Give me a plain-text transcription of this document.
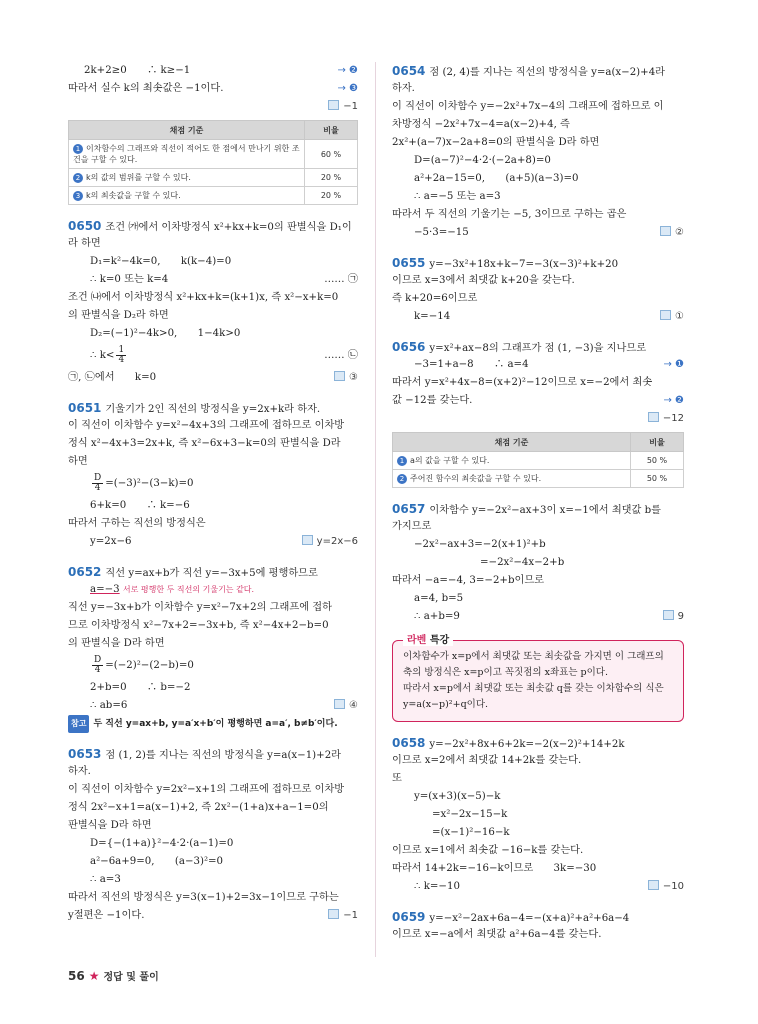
2k+2≥0　　∴ k≥−1	→ ❷
따라서 실수 k의 최솟값은 −1이다.	→ ❸
−1
채점 기준	비율
1 이차함수의 그래프와 직선이 적어도 한 점에서 만나기 위한 조건을 구할 수 있다.	60 %
2 k의 값의 범위를 구할 수 있다.	20 %
3 k의 최솟값을 구할 수 있다.	20 %
0650 조건 ㈎에서 이차방정식 x²+kx+k=0의 판별식을 D₁이
라 하면
D₁=k²−4k=0,　　k(k−4)=0
∴ k=0 또는 k=4	…… ㉠
조건 ㈏에서 이차방정식 x²+kx+k=(k+1)x, 즉 x²−x+k=0
의 판별식을 D₂라 하면
D₂=(−1)²−4k>0,　　1−4k>0
∴ $k< \frac{1}{4}$	…… ㉡
㉠, ㉡에서　　k=0	③
0651 기울기가 2인 직선의 방정식을 y=2x+k라 하자.
이 직선이 이차함수 y=x²−4x+3의 그래프에 접하므로 이차방
정식 x²−4x+3=2x+k, 즉 x²−6x+3−k=0의 판별식을 D라
하면
$\frac{D}{4} =(-3)^2-(3-k)=0$
6+k=0　　∴ k=−6
따라서 구하는 직선의 방정식은
y=2x−6	y=2x−6
0652 직선 y=ax+b가 직선 y=−3x+5에 평행하므로
a=−3 서로 평행한 두 직선의 기울기는 같다.
직선 y=−3x+b가 이차함수 y=x²−7x+2의 그래프에 접하
므로 이차방정식 x²−7x+2=−3x+b, 즉 x²−4x+2−b=0
의 판별식을 D라 하면
$\frac{D}{4} =(-2)^2-(2-b)=0$
2+b=0　　∴ b=−2
∴ ab=6	④
참고 두 직선 y=ax+b, y=a′x+b′이 평행하면 a=a′, b≠b′이다.
0653 점 (1, 2)를 지나는 직선의 방정식을 y=a(x−1)+2라
하자.
이 직선이 이차함수 y=2x²−x+1의 그래프에 접하므로 이차방
정식 2x²−x+1=a(x−1)+2, 즉 2x²−(1+a)x+a−1=0의
판별식을 D라 하면
D={−(1+a)}²−4·2·(a−1)=0
a²−6a+9=0,　　(a−3)²=0
∴ a=3
따라서 직선의 방정식은 y=3(x−1)+2=3x−1이므로 구하는
y절편은 −1이다.	−1
0654 점 (2, 4)를 지나는 직선의 방정식을 y=a(x−2)+4라
하자.
이 직선이 이차함수 y=−2x²+7x−4의 그래프에 접하므로 이
차방정식 −2x²+7x−4=a(x−2)+4, 즉
2x²+(a−7)x−2a+8=0의 판별식을 D라 하면
D=(a−7)²−4·2·(−2a+8)=0
a²+2a−15=0,　　(a+5)(a−3)=0
∴ a=−5 또는 a=3
따라서 두 직선의 기울기는 −5, 3이므로 구하는 곱은
−5·3=−15	②
0655 y=−3x²+18x+k−7=−3(x−3)²+k+20
이므로 x=3에서 최댓값 k+20을 갖는다.
즉 k+20=6이므로
k=−14	①
0656 y=x²+ax−8의 그래프가 점 (1, −3)을 지나므로
−3=1+a−8　　∴ a=4	→ ❶
따라서 y=x²+4x−8=(x+2)²−12이므로 x=−2에서 최솟
값 −12를 갖는다.	→ ❷
−12
채점 기준	비율
1 a의 값을 구할 수 있다.	50 %
2 주어진 함수의 최솟값을 구할 수 있다.	50 %
0657 이차함수 y=−2x²−ax+3이 x=−1에서 최댓값 b를
가지므로
−2x²−ax+3=−2(x+1)²+b
=−2x²−4x−2+b
따라서 −a=−4, 3=−2+b이므로
a=4, b=5
∴ a+b=9	9
라벤 특강
이차함수가 x=p에서 최댓값 또는 최솟값을 가지면 이 그래프의
축의 방정식은 x=p이고 꼭짓점의 x좌표는 p이다.
따라서 x=p에서 최댓값 또는 최솟값 q를 갖는 이차함수의 식은
y=a(x−p)²+q이다.
0658 y=−2x²+8x+6+2k=−2(x−2)²+14+2k
이므로 x=2에서 최댓값 14+2k를 갖는다.
또
y=(x+3)(x−5)−k
=x²−2x−15−k
=(x−1)²−16−k
이므로 x=1에서 최솟값 −16−k를 갖는다.
따라서 14+2k=−16−k이므로　　3k=−30
∴ k=−10	−10
0659 y=−x²−2ax+6a−4=−(x+a)²+a²+6a−4
이므로 x=−a에서 최댓값 a²+6a−4를 갖는다.
56 ★ 정답 및 풀이
